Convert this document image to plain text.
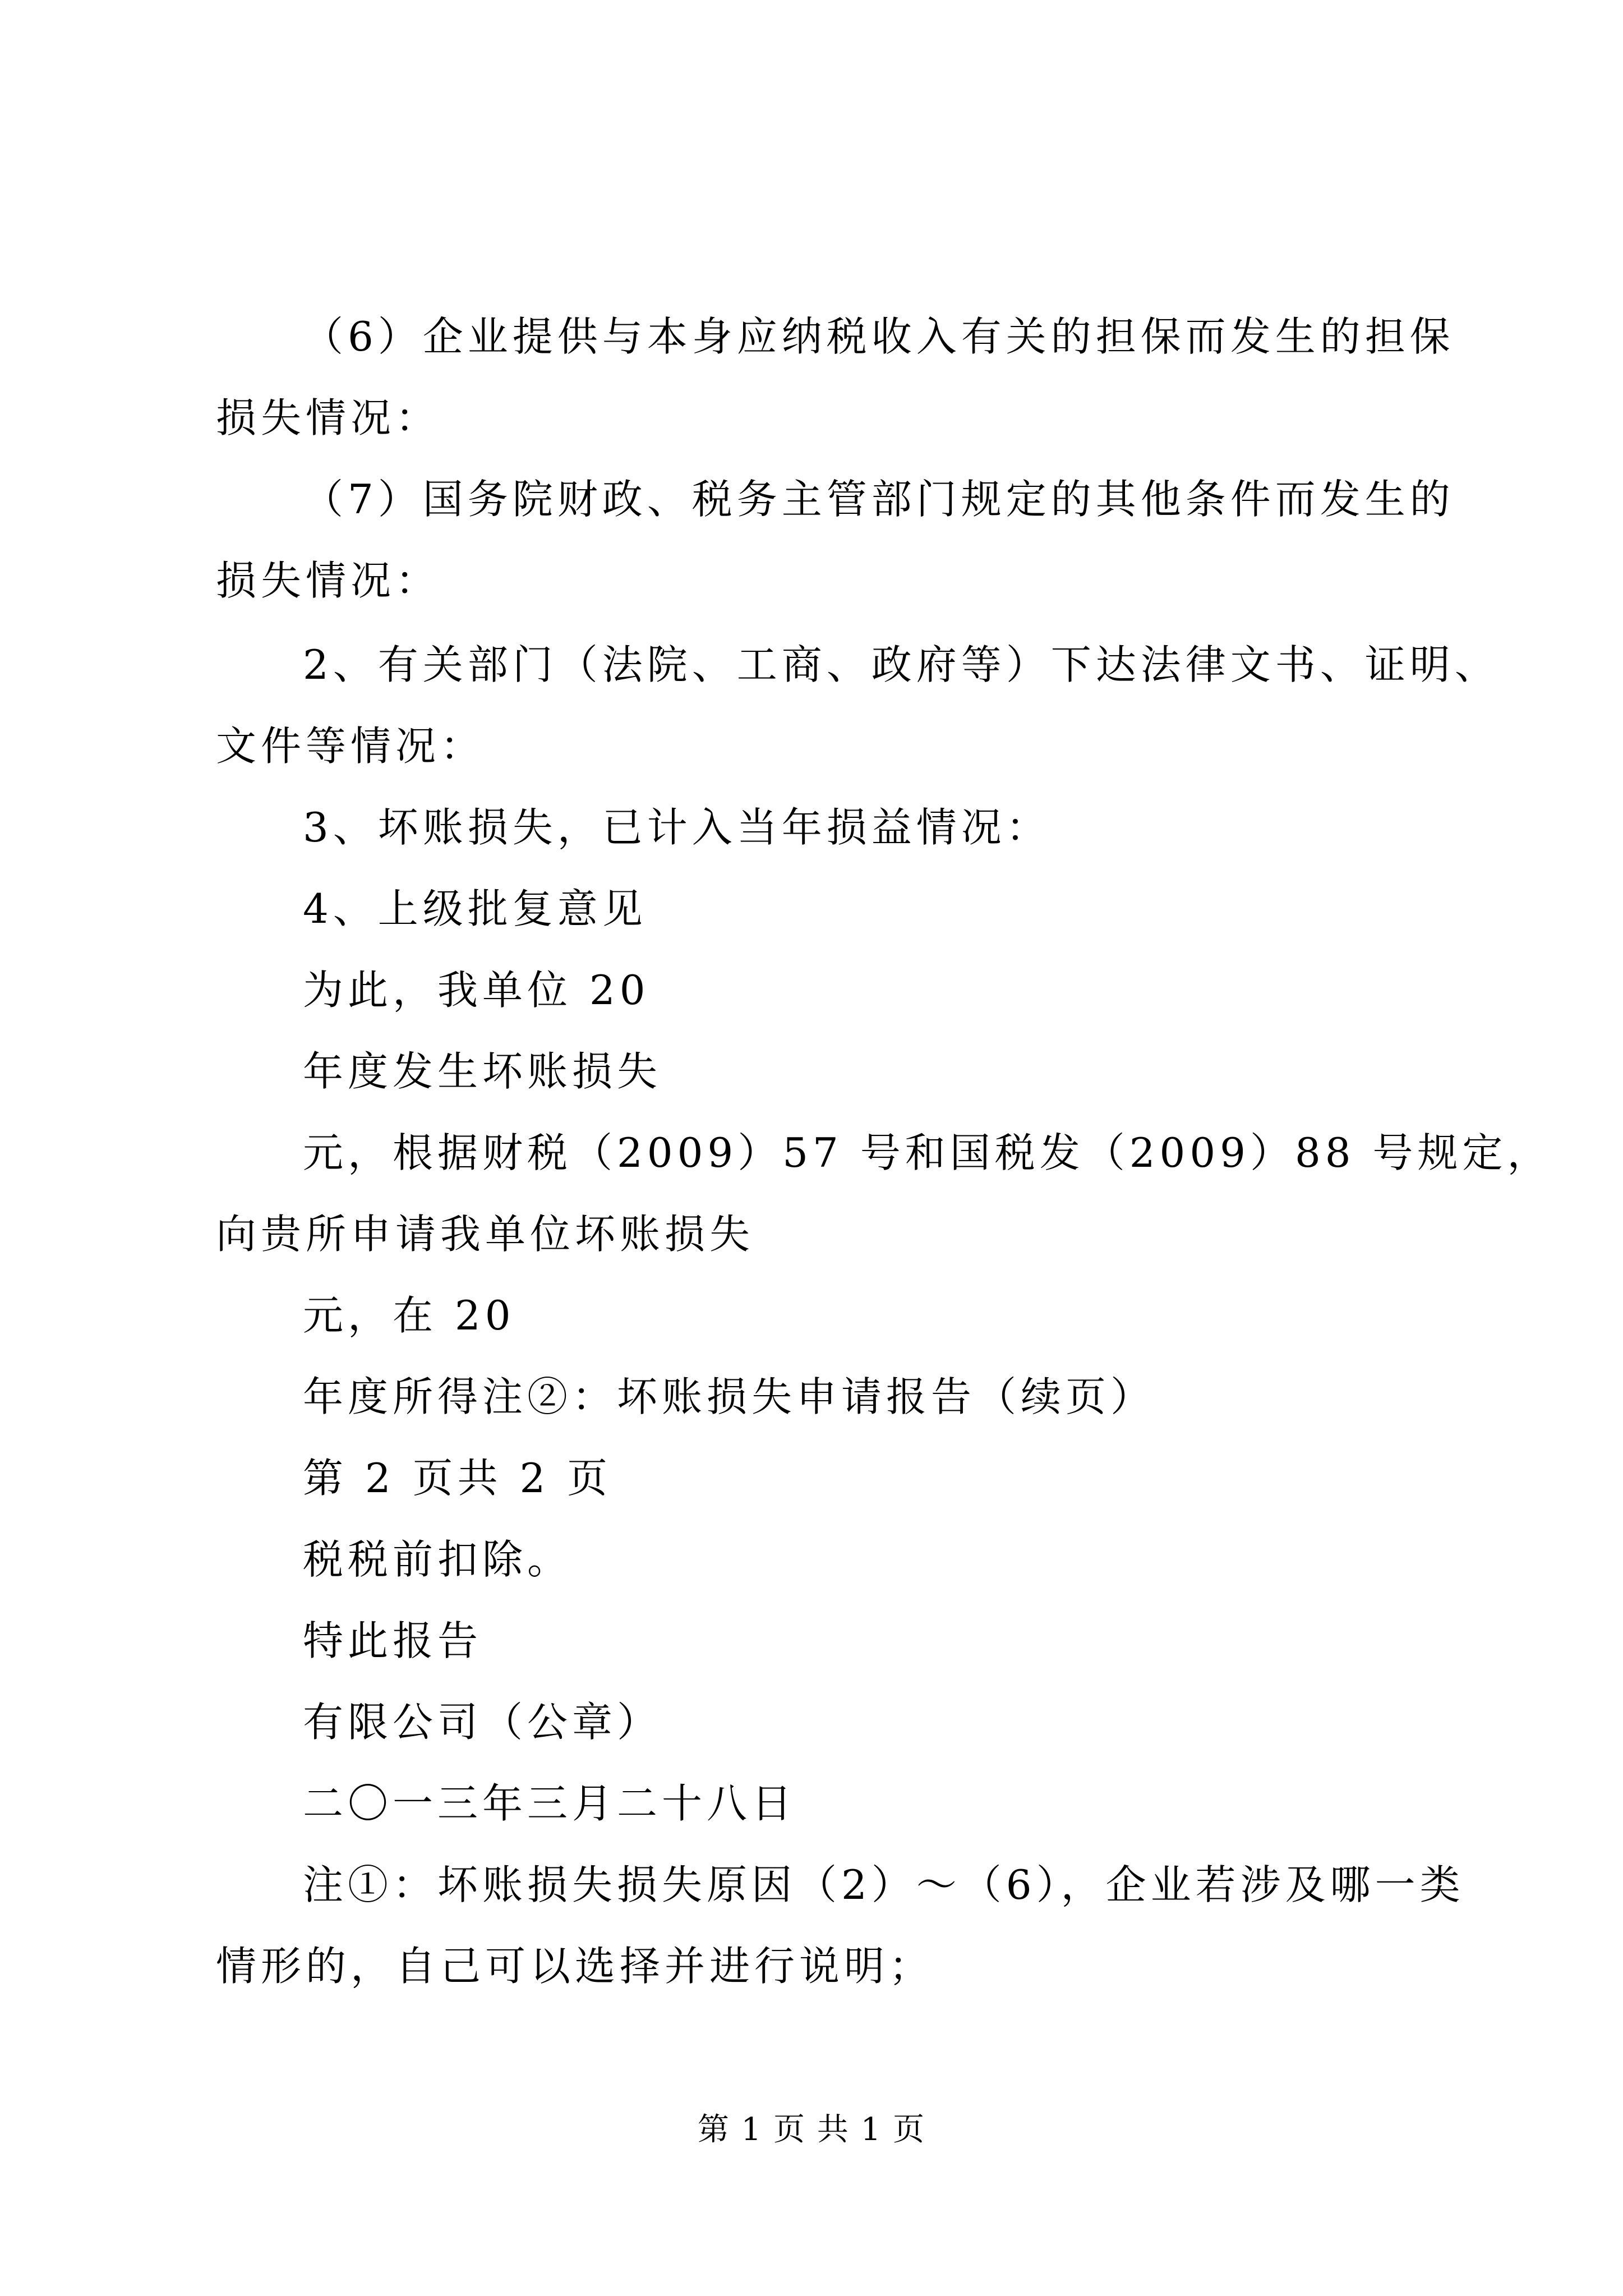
（6）企业提供与本身应纳税收入有关的担保而发生的担保
损失情况：
（7）国务院财政、税务主管部门规定的其他条件而发生的
损失情况：
2、有关部门（法院、工商、政府等）下达法律文书、证明、
文件等情况：
3、坏账损失，已计入当年损益情况：
4、上级批复意见
为此，我单位 20
年度发生坏账损失
元，根据财税（2009）57 号和国税发（2009）88 号规定，
向贵所申请我单位坏账损失
元，在 20
年度所得注②：坏账损失申请报告（续页）
第 2 页共 2 页
税税前扣除。
特此报告
有限公司（公章）
二〇一三年三月二十八日
注①：坏账损失损失原因（2）～（6），企业若涉及哪一类
情形的，自己可以选择并进行说明；
第 1 页 共 1 页
